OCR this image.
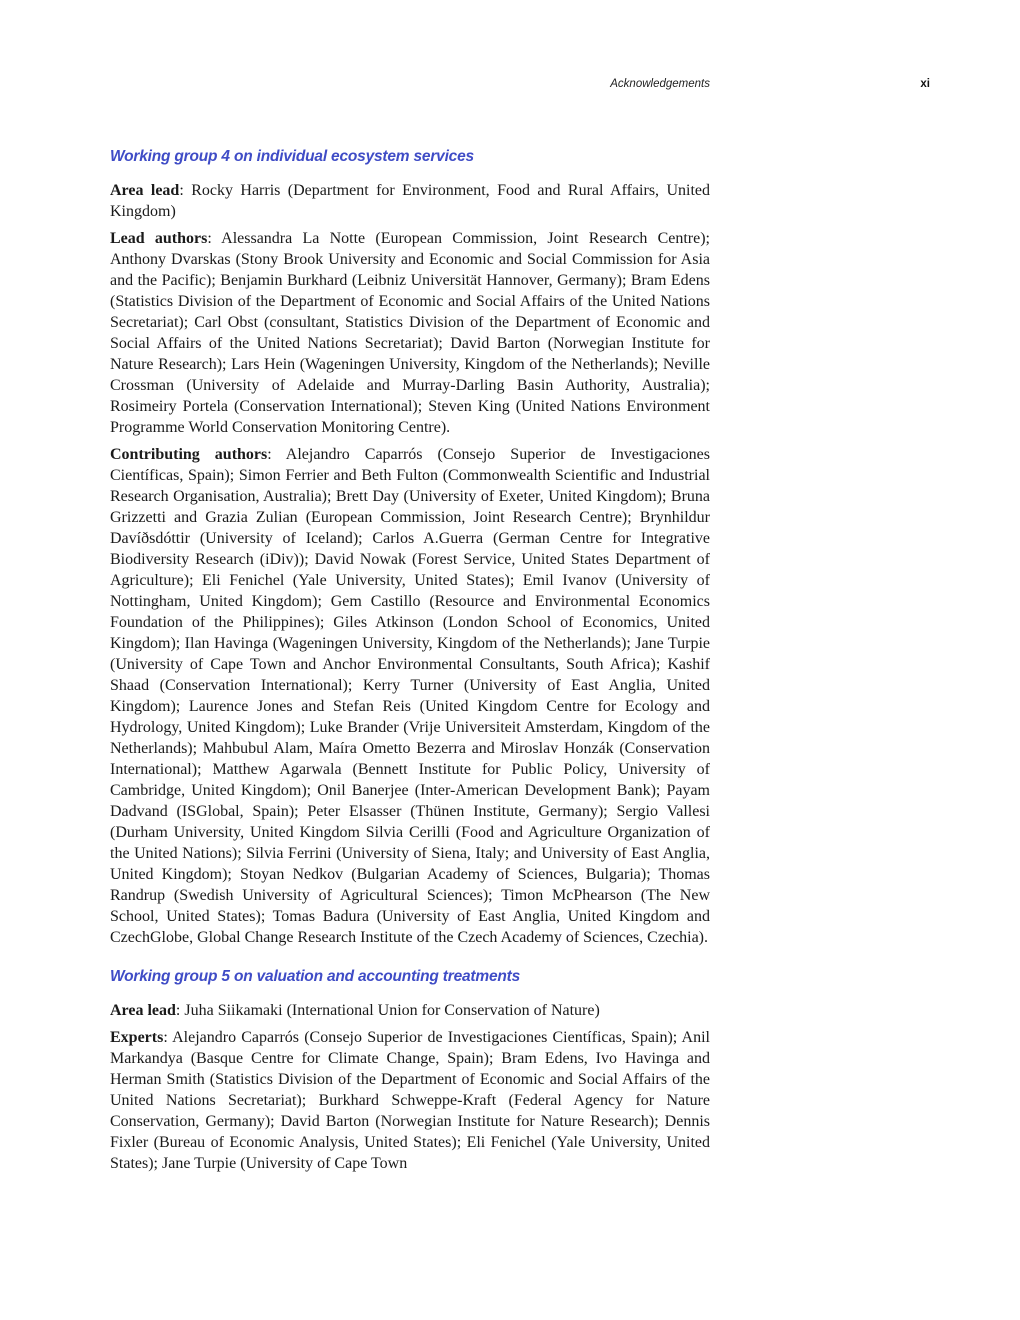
Acknowledgements	xi
Working group 4 on individual ecosystem services

Area lead: Rocky Harris (Department for Environment, Food and Rural Affairs, United Kingdom)

Lead authors: Alessandra La Notte (European Commission, Joint Research Centre); Anthony Dvarskas (Stony Brook University and Economic and Social Commission for Asia and the Pacific); Benjamin Burkhard (Leibniz Universität Hannover, Germany); Bram Edens (Statistics Division of the Department of Economic and Social Affairs of the United Nations Secretariat); Carl Obst (consultant, Statistics Division of the Department of Economic and Social Affairs of the United Nations Secretariat); David Barton (Norwegian Institute for Nature Research); Lars Hein (Wageningen University, Kingdom of the Netherlands); Neville Crossman (University of Adelaide and Murray-Darling Basin Authority, Australia); Rosimeiry Portela (Conservation International); Steven King (United Nations Environment Programme World Conservation Monitoring Centre).

Contributing authors: Alejandro Caparrós (Consejo Superior de Investigaciones Científicas, Spain); Simon Ferrier and Beth Fulton (Commonwealth Scientific and Industrial Research Organisation, Australia); Brett Day (University of Exeter, United Kingdom); Bruna Grizzetti and Grazia Zulian (European Commission, Joint Research Centre); Brynhildur Davíðsdóttir (University of Iceland); Carlos A.Guerra (German Centre for Integrative Biodiversity Research (iDiv)); David Nowak (Forest Service, United States Department of Agriculture); Eli Fenichel (Yale University, United States); Emil Ivanov (University of Nottingham, United Kingdom); Gem Castillo (Resource and Environmental Economics Foundation of the Philippines); Giles Atkinson (London School of Economics, United Kingdom); Ilan Havinga (Wageningen University, Kingdom of the Netherlands); Jane Turpie (University of Cape Town and Anchor Environmental Consultants, South Africa); Kashif Shaad (Conservation International); Kerry Turner (University of East Anglia, United Kingdom); Laurence Jones and Stefan Reis (United Kingdom Centre for Ecology and Hydrology, United Kingdom); Luke Brander (Vrije Universiteit Amsterdam, Kingdom of the Netherlands); Mahbubul Alam, Maíra Ometto Bezerra and Miroslav Honzák (Conservation International); Matthew Agarwala (Bennett Institute for Public Policy, University of Cambridge, United Kingdom); Onil Banerjee (Inter-American Development Bank); Payam Dadvand (ISGlobal, Spain); Peter Elsasser (Thünen Institute, Germany); Sergio Vallesi (Durham University, United Kingdom Silvia Cerilli (Food and Agriculture Organization of the United Nations); Silvia Ferrini (University of Siena, Italy; and University of East Anglia, United Kingdom); Stoyan Nedkov (Bulgarian Academy of Sciences, Bulgaria); Thomas Randrup (Swedish University of Agricultural Sciences); Timon McPhearson (The New School, United States); Tomas Badura (University of East Anglia, United Kingdom and CzechGlobe, Global Change Research Institute of the Czech Academy of Sciences, Czechia).

Working group 5 on valuation and accounting treatments

Area lead: Juha Siikamaki (International Union for Conservation of Nature)

Experts: Alejandro Caparrós (Consejo Superior de Investigaciones Científicas, Spain); Anil Markandya (Basque Centre for Climate Change, Spain); Bram Edens, Ivo Havinga and Herman Smith (Statistics Division of the Department of Economic and Social Affairs of the United Nations Secretariat); Burkhard Schweppe-Kraft (Federal Agency for Nature Conservation, Germany); David Barton (Norwegian Institute for Nature Research); Dennis Fixler (Bureau of Economic Analysis, United States); Eli Fenichel (Yale University, United States); Jane Turpie (University of Cape Town
